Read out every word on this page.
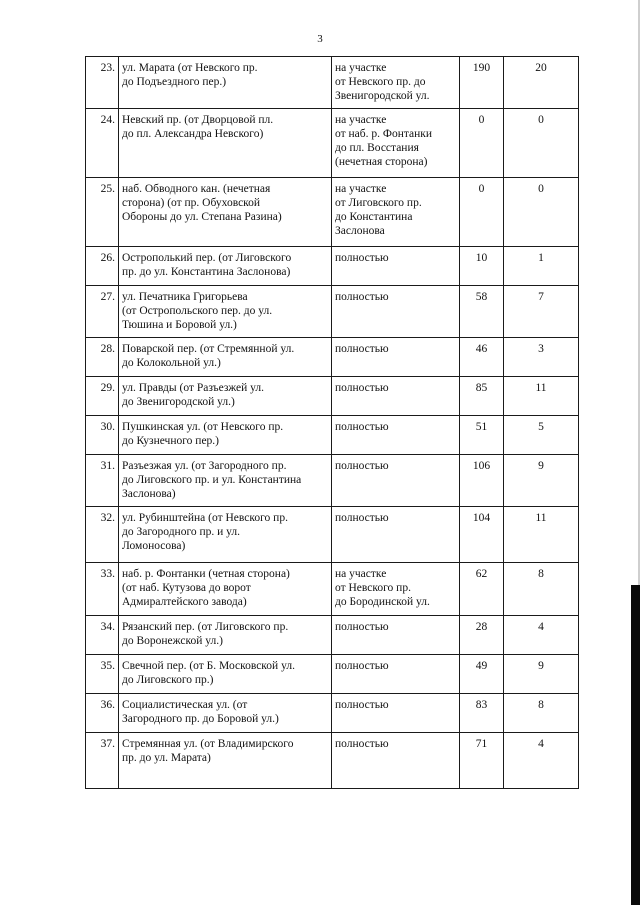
3
23.	ул. Марата (от Невского пр.
до Подъездного пер.)	на участке
от Невского пр. до
Звенигородской ул.	190	20
24.	Невский пр. (от Дворцовой пл.
до пл. Александра Невского)	на участке
от наб. р. Фонтанки
до пл. Восстания
(нечетная сторона)	0	0
25.	наб. Обводного кан. (нечетная
сторона) (от пр. Обуховской
Обороны до ул. Степана Разина)	на участке
от Лиговского пр.
до Константина
Заслонова	0	0
26.	Острополький пер. (от Лиговского
пр. до ул. Константина Заслонова)	полностью	10	1
27.	ул. Печатника Григорьева
(от Остропольского пер. до ул.
Тюшина и Боровой ул.)	полностью	58	7
28.	Поварской пер. (от Стремянной ул.
до Колокольной ул.)	полностью	46	3
29.	ул. Правды (от Разъезжей ул.
до Звенигородской ул.)	полностью	85	11
30.	Пушкинская ул. (от Невского пр.
до Кузнечного пер.)	полностью	51	5
31.	Разъезжая ул. (от Загородного пр.
до Лиговского пр. и ул. Константина
Заслонова)	полностью	106	9
32.	ул. Рубинштейна (от Невского пр.
до Загородного пр. и ул.
Ломоносова)	полностью	104	11
33.	наб. р. Фонтанки (четная сторона)
(от наб. Кутузова до ворот
Адмиралтейского завода)	на участке
от Невского пр.
до Бородинской ул.	62	8
34.	Рязанский пер. (от Лиговского пр.
до Воронежской ул.)	полностью	28	4
35.	Свечной пер. (от Б. Московской ул.
до Лиговского пр.)	полностью	49	9
36.	Социалистическая ул. (от
Загородного пр. до Боровой ул.)	полностью	83	8
37.	Стремянная ул. (от Владимирского
пр. до ул. Марата)	полностью	71	4
